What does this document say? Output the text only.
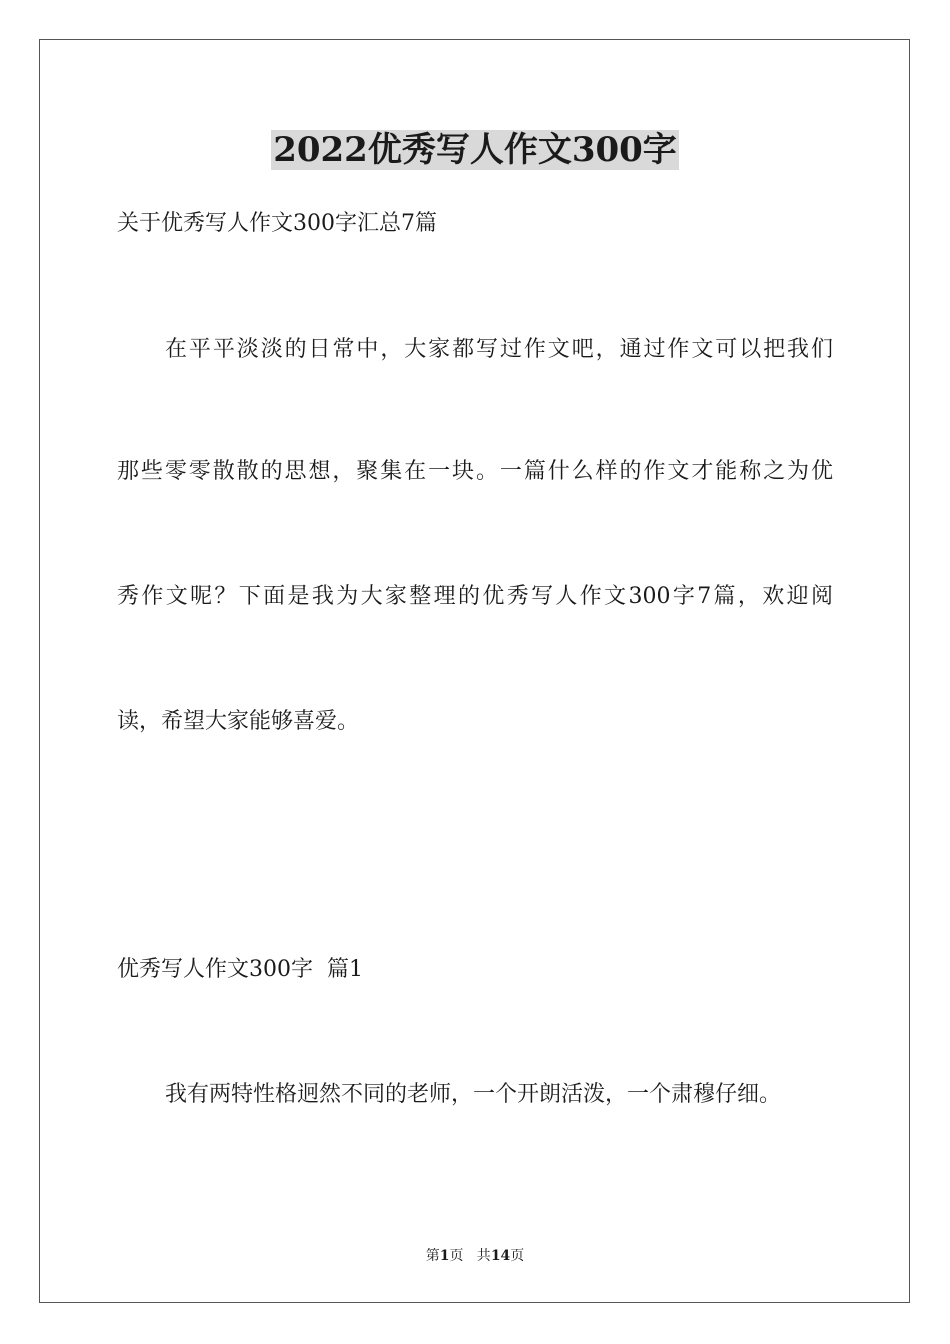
2022优秀写人作文300字

关于优秀写人作文300字汇总7篇

在平平淡淡的日常中，大家都写过作文吧，通过作文可以把我们

那些零零散散的思想，聚集在一块。一篇什么样的作文才能称之为优

秀作文呢？下面是我为大家整理的优秀写人作文300字7篇，欢迎阅

读，希望大家能够喜爱。

优秀写人作文300字  篇1

我有两特性格迥然不同的老师，一个开朗活泼，一个肃穆仔细。

第1页   共14页
